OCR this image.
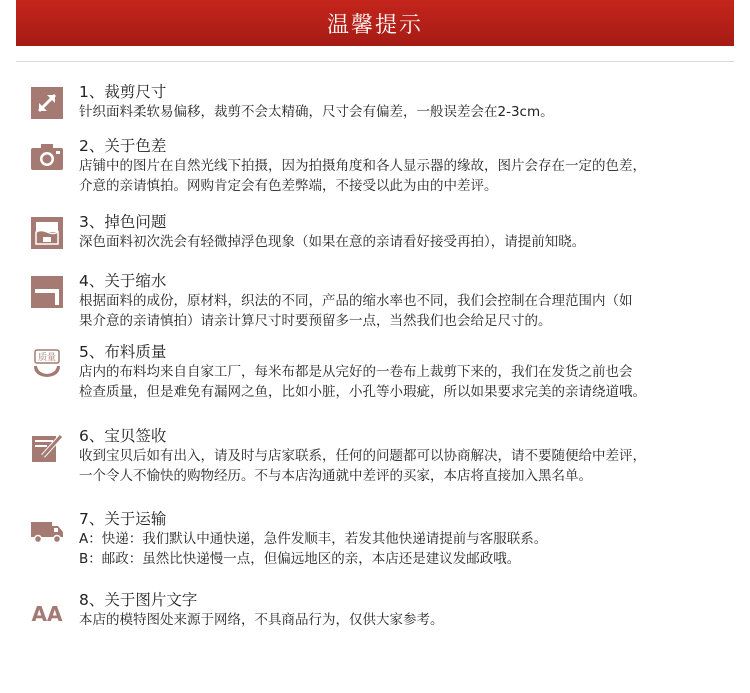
温馨提示
1、裁剪尺寸
针织面料柔软易偏移，裁剪不会太精确，尺寸会有偏差，一般误差会在2-3cm。
2、关于色差
店铺中的图片在自然光线下拍摄，因为拍摄角度和各人显示器的缘故，图片会存在一定的色差，
介意的亲请慎拍。网购肯定会有色差弊端，不接受以此为由的中差评。
3、掉色问题
深色面料初次洗会有轻微掉浮色现象（如果在意的亲请看好接受再拍），请提前知晓。
4、关于缩水
根据面料的成份，原材料，织法的不同，产品的缩水率也不同，我们会控制在合理范围内（如
果介意的亲请慎拍）请亲计算尺寸时要预留多一点，当然我们也会给足尺寸的。
质量 5、布料质量
店内的布料均来自自家工厂，每米布都是从完好的一卷布上裁剪下来的，我们在发货之前也会
检查质量，但是难免有漏网之鱼，比如小脏，小孔等小瑕疵，所以如果要求完美的亲请绕道哦。
6、宝贝签收
收到宝贝后如有出入，请及时与店家联系，任何的问题都可以协商解决，请不要随便给中差评，
一个令人不愉快的购物经历。不与本店沟通就中差评的买家，本店将直接加入黑名单。
7、关于运输
A：快递：我们默认中通快递，急件发顺丰，若发其他快递请提前与客服联系。
B：邮政：虽然比快递慢一点，但偏远地区的亲，本店还是建议发邮政哦。
AA
8、关于图片文字
本店的模特图处来源于网络，不具商品行为，仅供大家参考。
